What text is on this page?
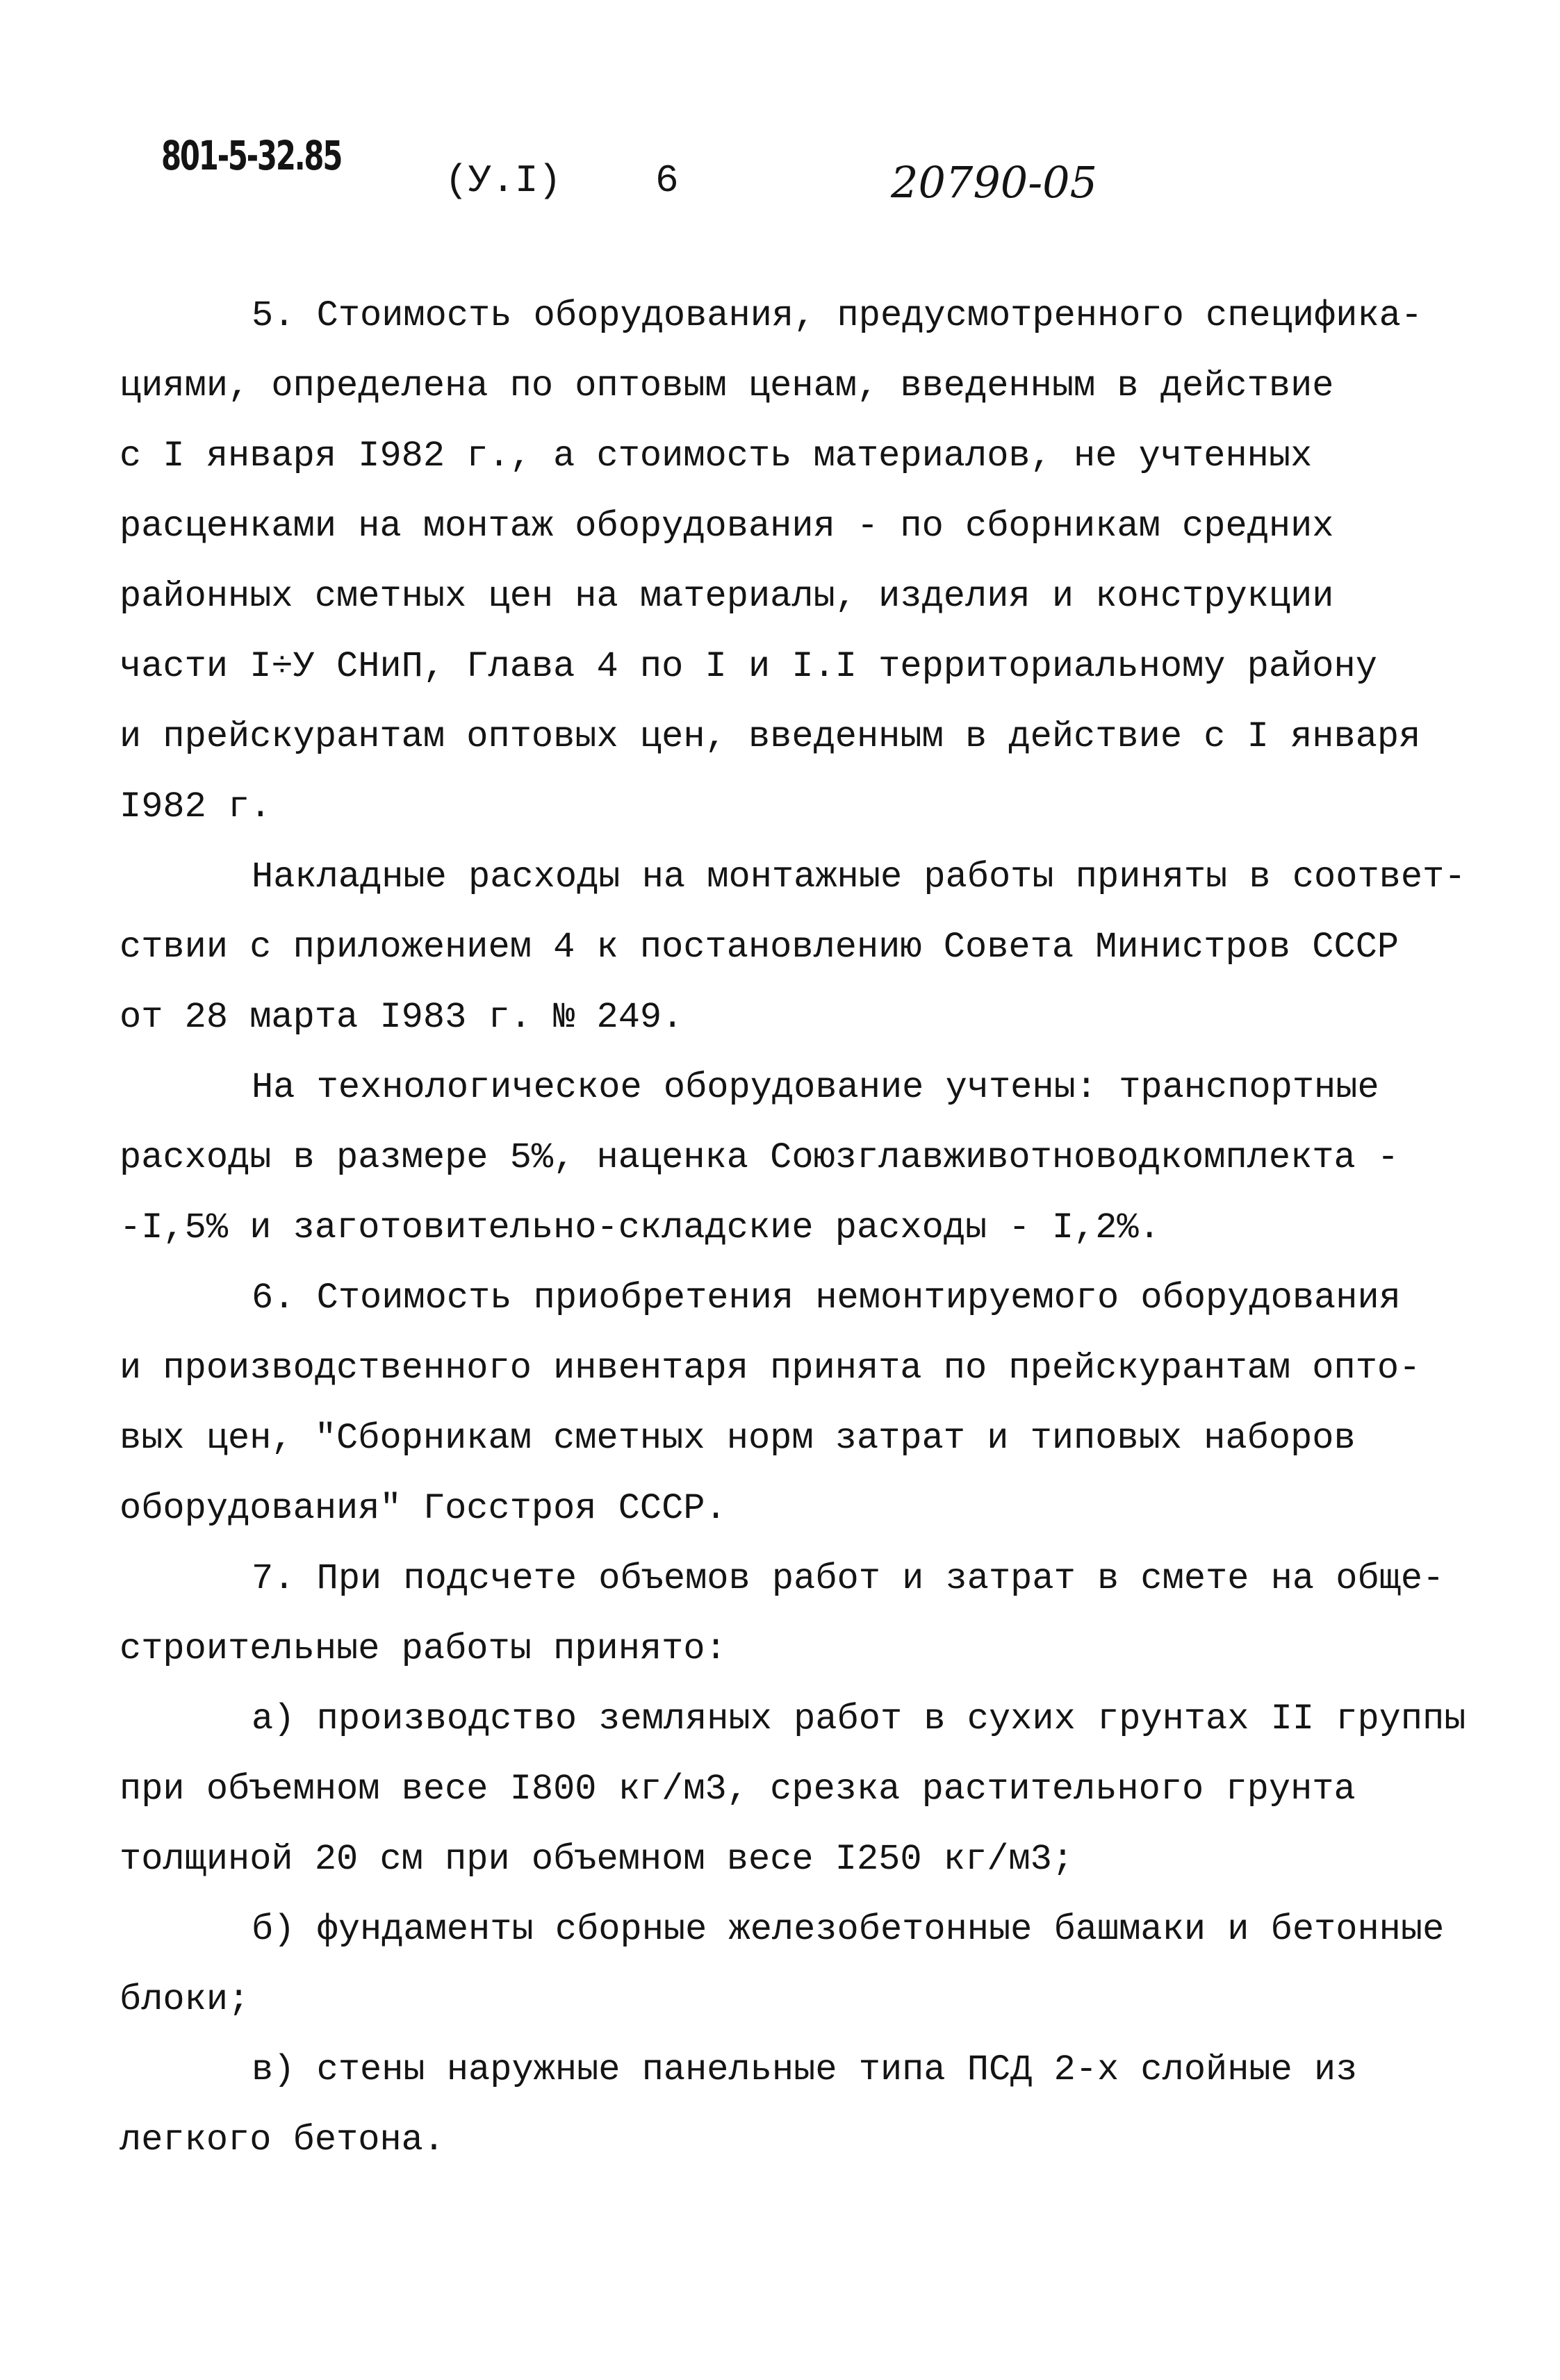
801-5-32.85
(У.I) 6	20790-05
5. Стоимость оборудования, предусмотренного специфика-
циями, определена по оптовым ценам, введенным в действие
с I января I982 г., а стоимость материалов, не учтенных
расценками на монтаж оборудования - по сборникам средних
районных сметных цен на материалы, изделия и конструкции
части I÷У СНиП, Глава 4 по I и I.I территориальному району
и прейскурантам оптовых цен, введенным в действие с I января
I982 г.
Накладные расходы на монтажные работы приняты в соответ-
ствии с приложением 4 к постановлению Совета Министров СССР
от 28 марта I983 г. № 249.
На технологическое оборудование учтены: транспортные
расходы в размере 5%, наценка Союзглавживотноводкомплекта -
-I,5% и заготовительно-складские расходы - I,2%.
6. Стоимость приобретения немонтируемого оборудования
и производственного инвентаря принята по прейскурантам опто-
вых цен, "Сборникам сметных норм затрат и типовых наборов
оборудования" Госстроя СССР.
7. При подсчете объемов работ и затрат в смете на обще-
строительные работы принято:
а) производство земляных работ в сухих грунтах II группы
при объемном весе I800 кг/м3, срезка растительного грунта
толщиной 20 см при объемном весе I250 кг/м3;
б) фундаменты сборные железобетонные башмаки и бетонные
блоки;
в) стены наружные панельные типа ПСД 2-х слойные из
легкого бетона.
